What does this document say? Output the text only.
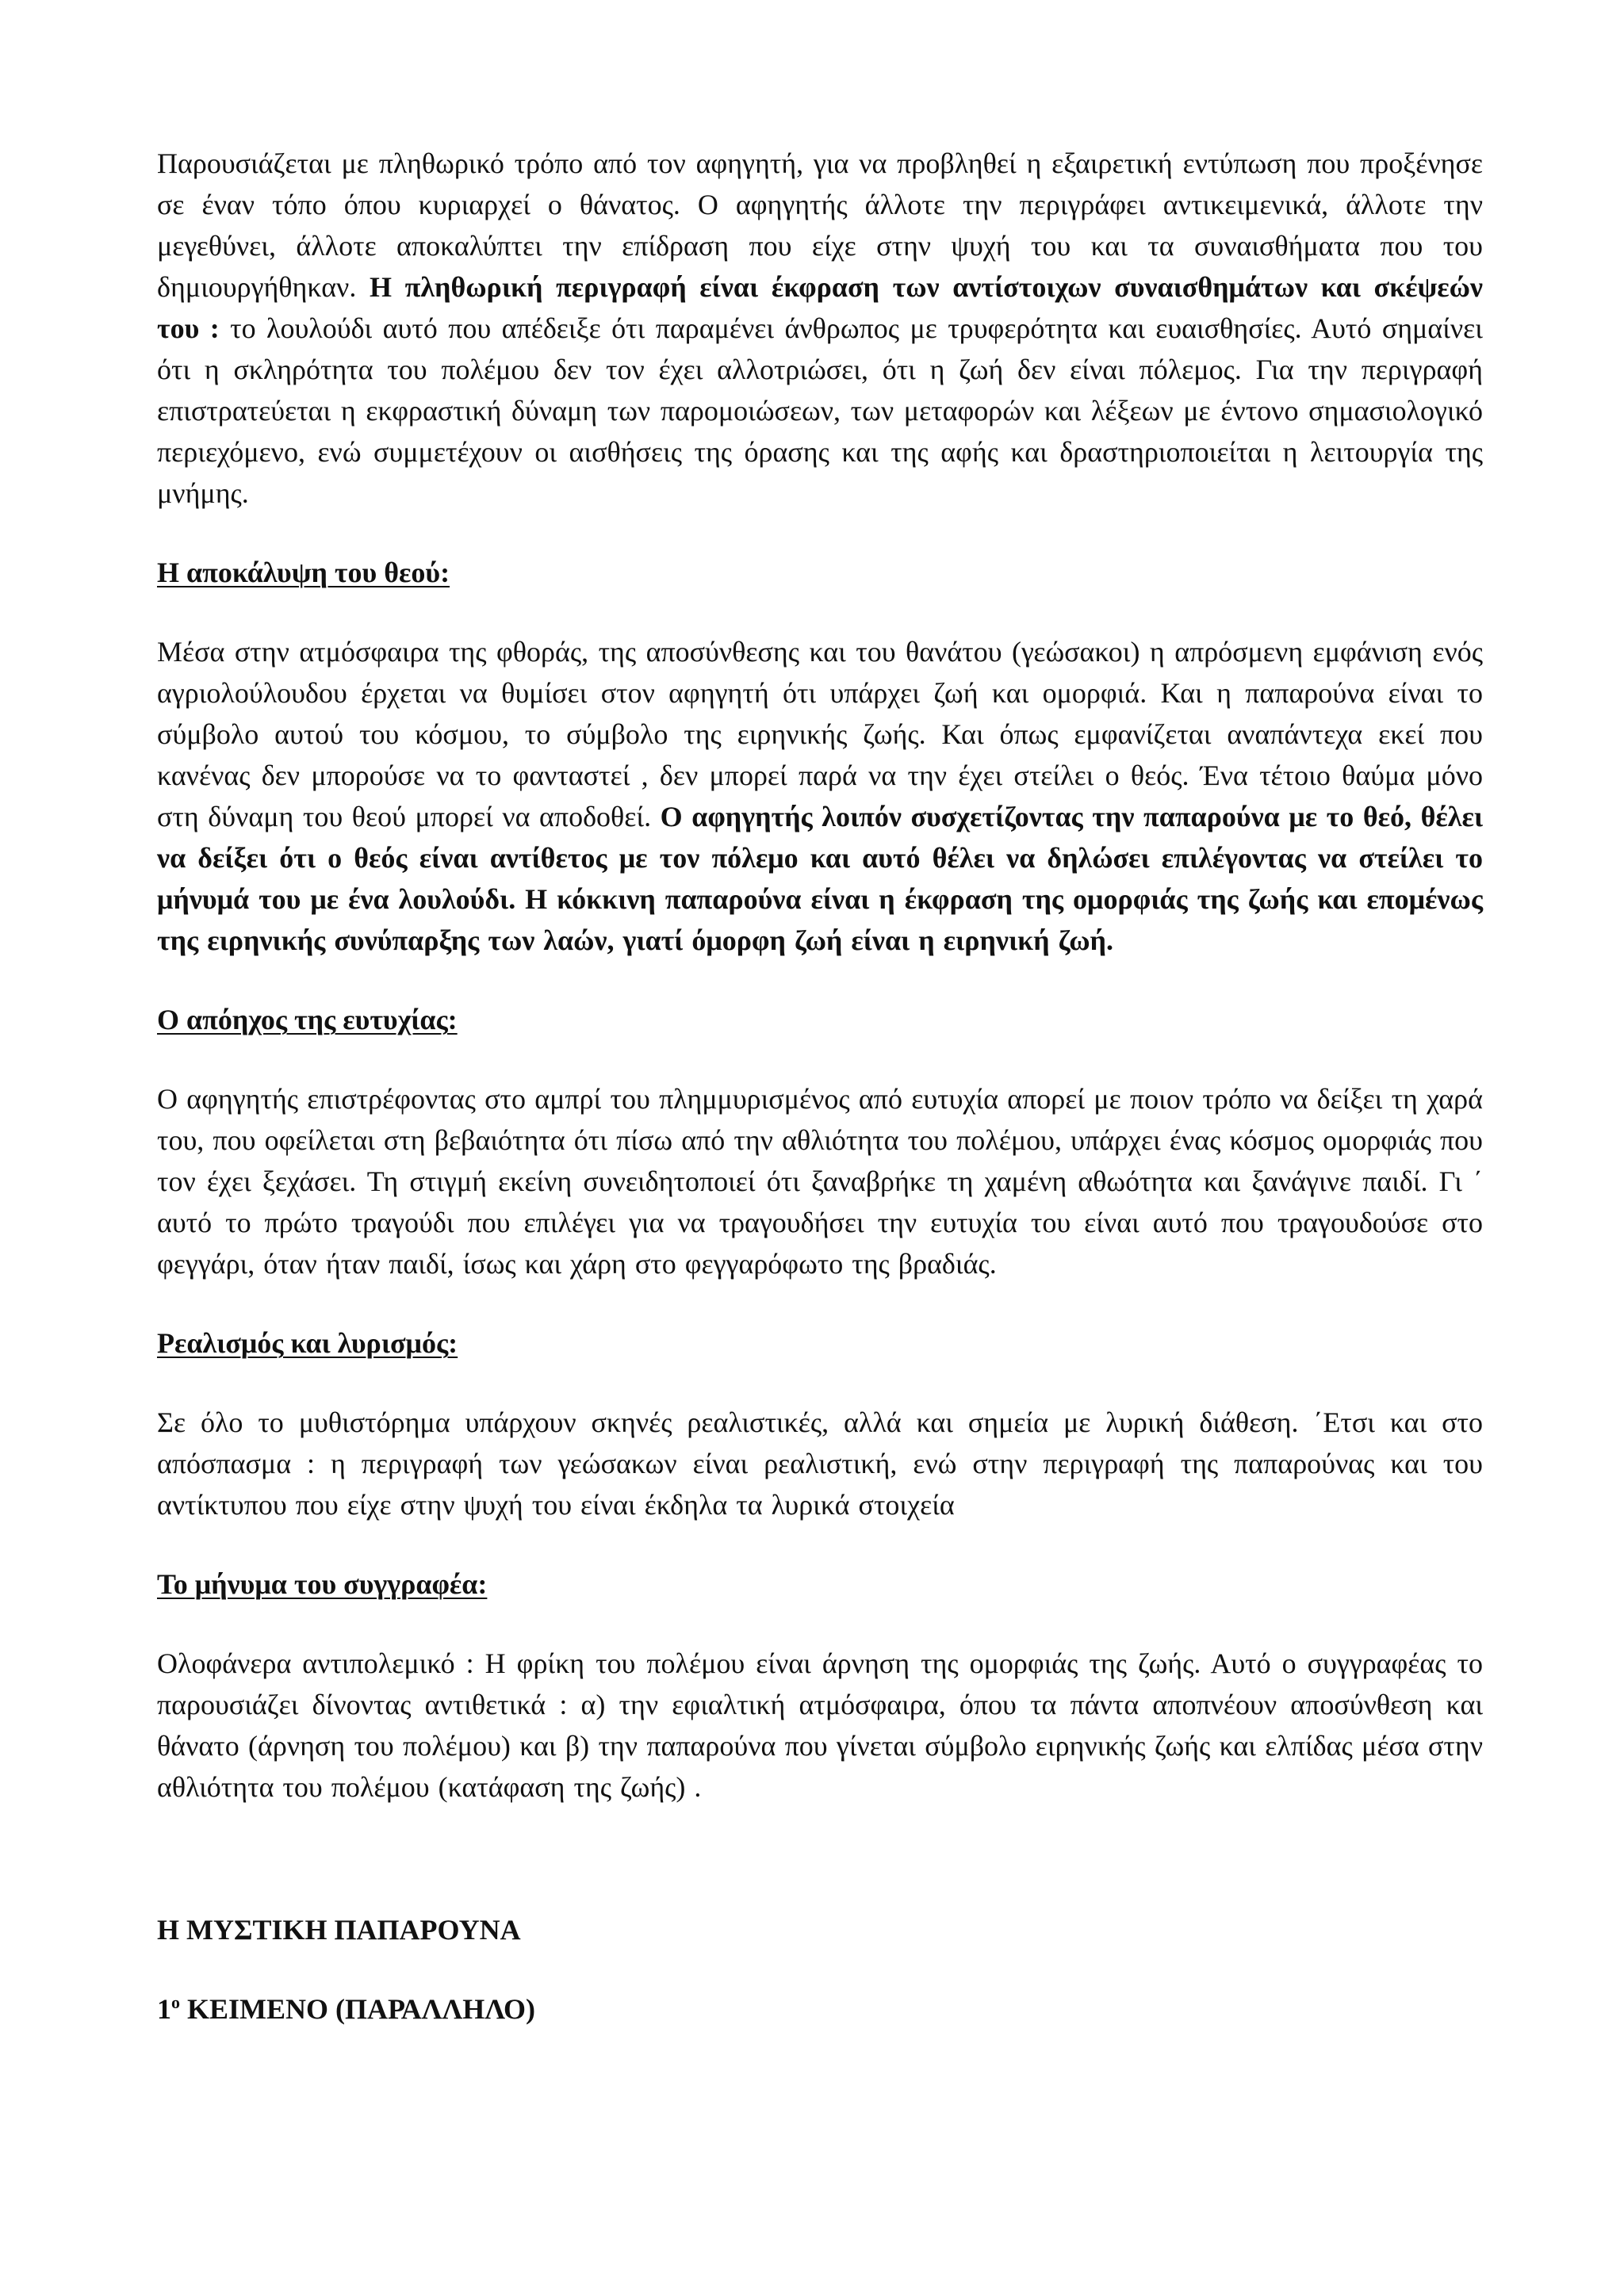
Παρουσιάζεται με πληθωρικό τρόπο από τον αφηγητή, για να προβληθεί η εξαιρετική εντύπωση που προξένησε σε έναν τόπο όπου κυριαρχεί ο θάνατος. Ο αφηγητής άλλοτε την περιγράφει αντικειμενικά, άλλοτε την μεγεθύνει, άλλοτε αποκαλύπτει την επίδραση που είχε στην ψυχή του και τα συναισθήματα που του δημιουργήθηκαν. Η πληθωρική περιγραφή είναι έκφραση των αντίστοιχων συναισθημάτων και σκέψεών του : το λουλούδι αυτό που απέδειξε ότι παραμένει άνθρωπος με τρυφερότητα και ευαισθησίες. Αυτό σημαίνει ότι η σκληρότητα του πολέμου δεν τον έχει αλλοτριώσει, ότι η ζωή δεν είναι πόλεμος. Για την περιγραφή επιστρατεύεται η εκφραστική δύναμη των παρομοιώσεων, των μεταφορών και λέξεων με έντονο σημασιολογικό περιεχόμενο, ενώ συμμετέχουν οι αισθήσεις της όρασης και της αφής και δραστηριοποιείται η λειτουργία της μνήμης.

Η αποκάλυψη του θεού:

Μέσα στην ατμόσφαιρα της φθοράς, της αποσύνθεσης και του θανάτου (γεώσακοι) η απρόσμενη εμφάνιση ενός αγριολούλουδου έρχεται να θυμίσει στον αφηγητή ότι υπάρχει ζωή και ομορφιά. Και η παπαρούνα είναι το σύμβολο αυτού του κόσμου, το σύμβολο της ειρηνικής ζωής. Και όπως εμφανίζεται αναπάντεχα εκεί που κανένας δεν μπορούσε να το φανταστεί , δεν μπορεί παρά να την έχει στείλει ο θεός. Ένα τέτοιο θαύμα μόνο στη δύναμη του θεού μπορεί να αποδοθεί. Ο αφηγητής λοιπόν συσχετίζοντας την παπαρούνα με το θεό, θέλει να δείξει ότι ο θεός είναι αντίθετος με τον πόλεμο και αυτό θέλει να δηλώσει επιλέγοντας να στείλει το μήνυμά του με ένα λουλούδι. Η κόκκινη παπαρούνα είναι η έκφραση της ομορφιάς της ζωής και επομένως της ειρηνικής συνύπαρξης των λαών, γιατί όμορφη ζωή είναι η ειρηνική ζωή.

Ο απόηχος της ευτυχίας:

Ο αφηγητής επιστρέφοντας στο αμπρί του πλημμυρισμένος από ευτυχία απορεί με ποιον τρόπο να δείξει τη χαρά του, που οφείλεται στη βεβαιότητα ότι πίσω από την αθλιότητα του πολέμου, υπάρχει ένας κόσμος ομορφιάς που τον έχει ξεχάσει. Τη στιγμή εκείνη συνειδητοποιεί ότι ξαναβρήκε τη χαμένη αθωότητα και ξανάγινε παιδί. Γι ΄ αυτό το πρώτο τραγούδι που επιλέγει για να τραγουδήσει την ευτυχία του είναι αυτό που τραγουδούσε στο φεγγάρι, όταν ήταν παιδί, ίσως και χάρη στο φεγγαρόφωτο της βραδιάς.

Ρεαλισμός και λυρισμός:

Σε όλο το μυθιστόρημα υπάρχουν σκηνές ρεαλιστικές, αλλά και σημεία με λυρική διάθεση. ΄Ετσι και στο απόσπασμα : η περιγραφή των γεώσακων είναι ρεαλιστική, ενώ στην περιγραφή της παπαρούνας και του αντίκτυπου που είχε στην ψυχή του είναι έκδηλα τα λυρικά στοιχεία

Το μήνυμα του συγγραφέα:

Ολοφάνερα αντιπολεμικό : Η φρίκη του πολέμου είναι άρνηση της ομορφιάς της ζωής. Αυτό ο συγγραφέας το παρουσιάζει δίνοντας αντιθετικά : α) την εφιαλτική ατμόσφαιρα, όπου τα πάντα αποπνέουν αποσύνθεση και θάνατο (άρνηση του πολέμου) και β) την παπαρούνα που γίνεται σύμβολο ειρηνικής ζωής και ελπίδας μέσα στην αθλιότητα του πολέμου (κατάφαση της ζωής) .

Η ΜΥΣΤΙΚΗ ΠΑΠΑΡΟΥΝΑ

$1^o$ ΚΕΙΜΕΝΟ (ΠΑΡΑΛΛΗΛΟ)
